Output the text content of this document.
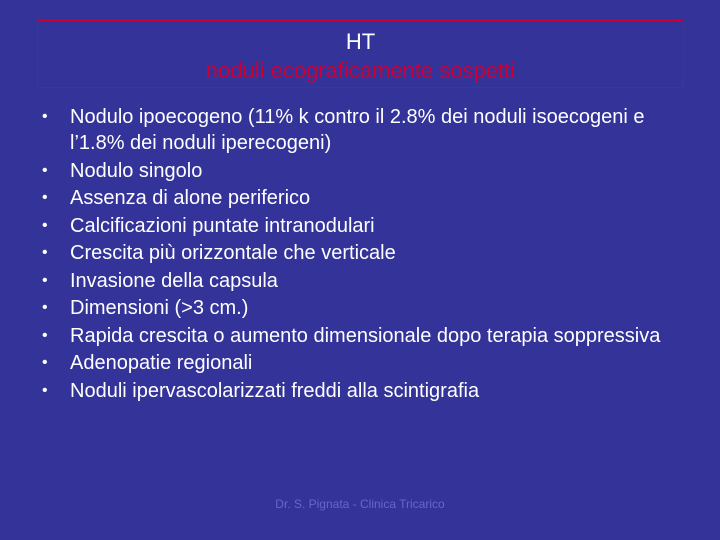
HT
noduli ecograficamente sospetti
•	Nodulo ipoecogeno (11% k contro il 2.8% dei noduli isoecogeni e l’1.8% dei noduli iperecogeni)
•	Nodulo singolo
•	Assenza di alone periferico
•	Calcificazioni puntate intranodulari
•	Crescita più orizzontale che verticale
•	Invasione della capsula
•	Dimensioni (>3 cm.)
•	Rapida crescita o aumento dimensionale dopo terapia soppressiva
•	Adenopatie regionali
•	Noduli ipervascolarizzati freddi alla scintigrafia
Dr. S. Pignata - Clinica Tricarico
